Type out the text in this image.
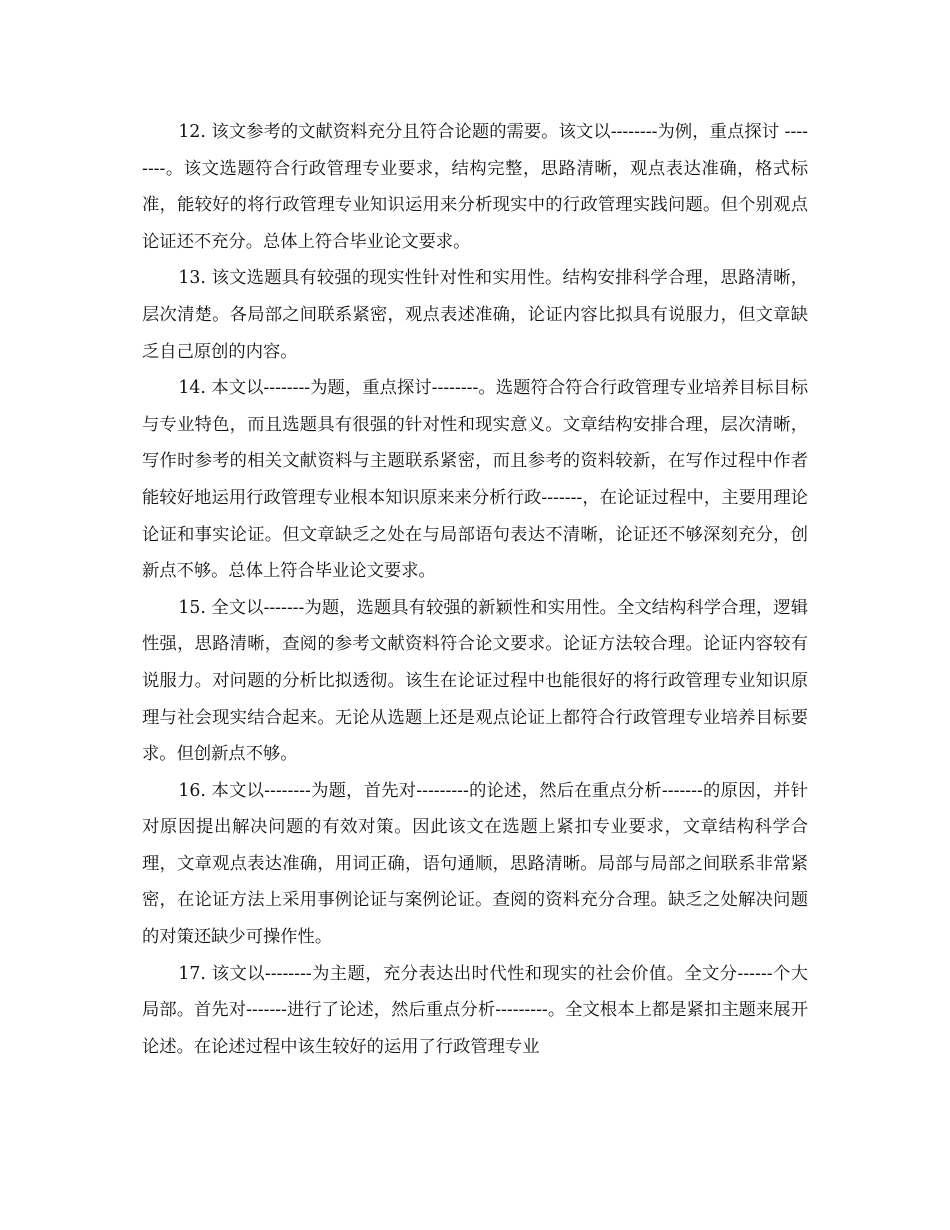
12. 该文参考的文献资料充分且符合论题的需要。该文以--------为例，重点探讨 --------。该文选题符合行政管理专业要求，结构完整，思路清晰，观点表达准确，格式标准，能较好的将行政管理专业知识运用来分析现实中的行政管理实践问题。但个别观点论证还不充分。总体上符合毕业论文要求。

13. 该文选题具有较强的现实性针对性和实用性。结构安排科学合理，思路清晰，层次清楚。各局部之间联系紧密，观点表述准确，论证内容比拟具有说服力，但文章缺乏自己原创的内容。

14. 本文以--------为题，重点探讨--------。选题符合符合行政管理专业培养目标目标与专业特色，而且选题具有很强的针对性和现实意义。文章结构安排合理，层次清晰，写作时参考的相关文献资料与主题联系紧密，而且参考的资料较新，在写作过程中作者能较好地运用行政管理专业根本知识原来来分析行政-------，在论证过程中，主要用理论论证和事实论证。但文章缺乏之处在与局部语句表达不清晰，论证还不够深刻充分，创新点不够。总体上符合毕业论文要求。

15. 全文以-------为题，选题具有较强的新颖性和实用性。全文结构科学合理，逻辑性强，思路清晰，查阅的参考文献资料符合论文要求。论证方法较合理。论证内容较有说服力。对问题的分析比拟透彻。该生在论证过程中也能很好的将行政管理专业知识原理与社会现实结合起来。无论从选题上还是观点论证上都符合行政管理专业培养目标要求。但创新点不够。

16. 本文以--------为题，首先对---------的论述，然后在重点分析-------的原因，并针对原因提出解决问题的有效对策。因此该文在选题上紧扣专业要求，文章结构科学合理，文章观点表达准确，用词正确，语句通顺，思路清晰。局部与局部之间联系非常紧密，在论证方法上采用事例论证与案例论证。查阅的资料充分合理。缺乏之处解决问题的对策还缺少可操作性。

17. 该文以--------为主题，充分表达出时代性和现实的社会价值。全文分------个大局部。首先对-------进行了论述，然后重点分析---------。全文根本上都是紧扣主题来展开论述。在论述过程中该生较好的运用了行政管理专业
